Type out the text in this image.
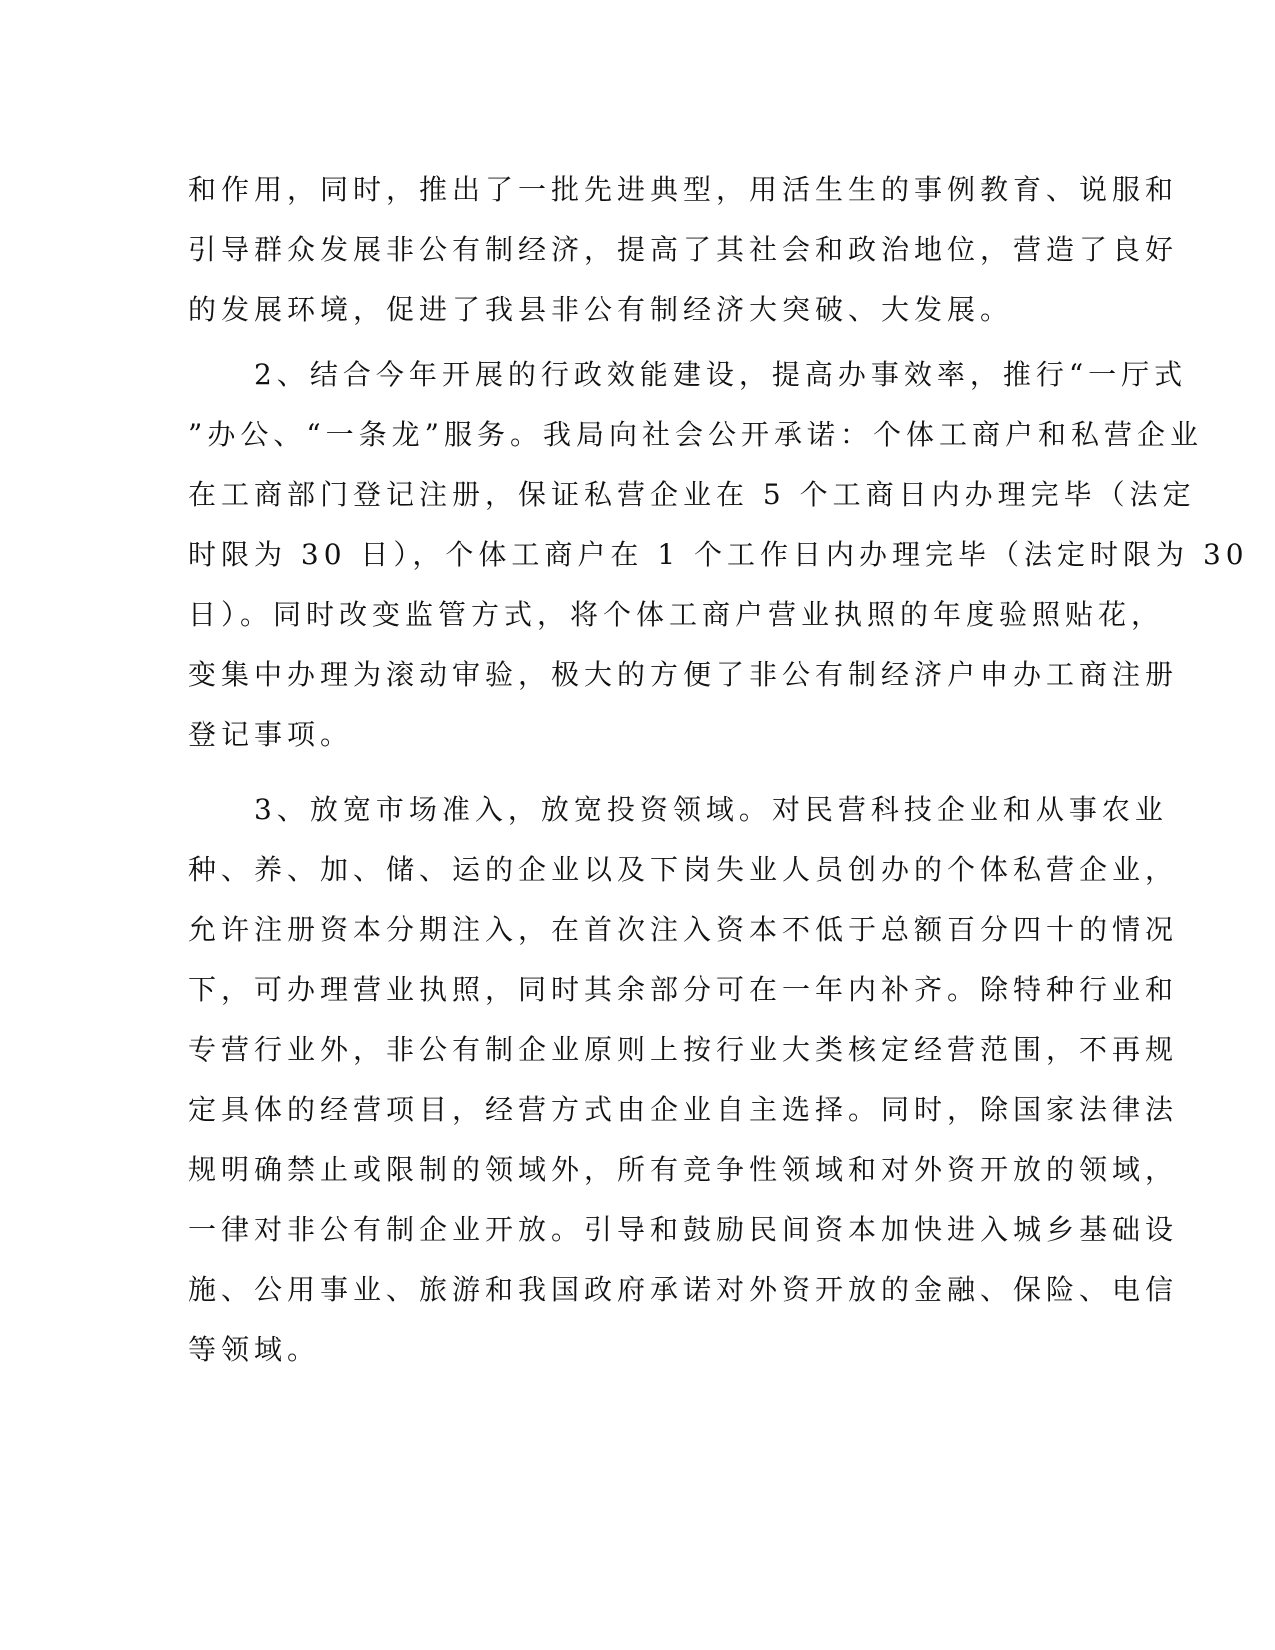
和作用，同时，推出了一批先进典型，用活生生的事例教育、说服和
引导群众发展非公有制经济，提高了其社会和政治地位，营造了良好
的发展环境，促进了我县非公有制经济大突破、大发展。
2、结合今年开展的行政效能建设，提高办事效率，推行“一厅式
”办公、“一条龙”服务。我局向社会公开承诺：个体工商户和私营企业
在工商部门登记注册，保证私营企业在 5 个工商日内办理完毕（法定
时限为 30 日），个体工商户在 1 个工作日内办理完毕（法定时限为 30
日）。同时改变监管方式，将个体工商户营业执照的年度验照贴花，
变集中办理为滚动审验，极大的方便了非公有制经济户申办工商注册
登记事项。
3、放宽市场准入，放宽投资领域。对民营科技企业和从事农业
种、养、加、储、运的企业以及下岗失业人员创办的个体私营企业，
允许注册资本分期注入，在首次注入资本不低于总额百分四十的情况
下，可办理营业执照，同时其余部分可在一年内补齐。除特种行业和
专营行业外，非公有制企业原则上按行业大类核定经营范围，不再规
定具体的经营项目，经营方式由企业自主选择。同时，除国家法律法
规明确禁止或限制的领域外，所有竞争性领域和对外资开放的领域，
一律对非公有制企业开放。引导和鼓励民间资本加快进入城乡基础设
施、公用事业、旅游和我国政府承诺对外资开放的金融、保险、电信
等领域。
